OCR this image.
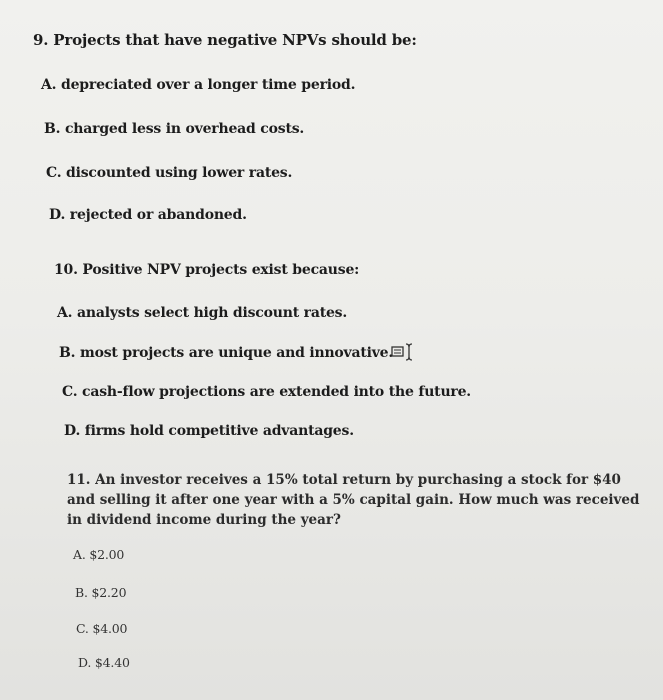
9. Projects that have negative NPVs should be:
A. depreciated over a longer time period.
B. charged less in overhead costs.
C. discounted using lower rates.
D. rejected or abandoned.
10. Positive NPV projects exist because:
A. analysts select high discount rates.
B. most projects are unique and innovative.
C. cash-flow projections are extended into the future.
D. firms hold competitive advantages.
11. An investor receives a 15% total return by purchasing a stock for $40 and selling it after one year with a 5% capital gain. How much was received in dividend income during the year?
A. $2.00
B. $2.20
C. $4.00
D. $4.40
